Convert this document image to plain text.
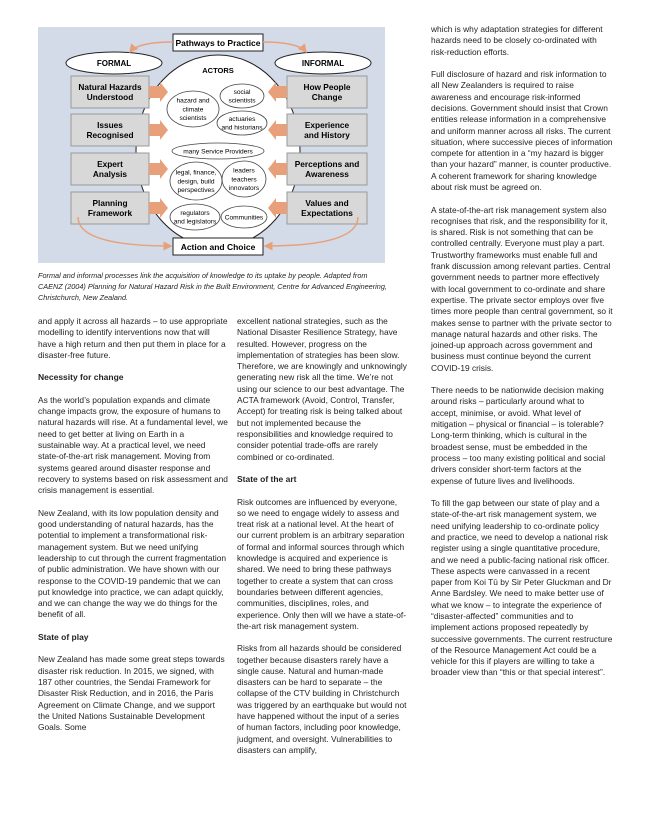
Pathways to Practice
FORMAL	INFORMAL
ACTORS
Natural Hazards Understood
Issues Recognised
Expert Analysis
Planning Framework
How People Change
Experience and History
Perceptions and Awareness
Values and Expectations
hazard and climate scientists
social scientists
actuaries and historians
many Service Providers
legal, finance, design, build perspectives
leaders teachers innovators
regulators and legislators
Communities
Action and Choice
Formal and informal processes link the acquisition of knowledge to its uptake by people. Adapted from CAENZ (2004) Planning for Natural Hazard Risk in the Built Environment, Centre for Advanced Engineering, Christchurch, New Zealand.

and apply it across all hazards – to use appropriate modelling to identify interventions now that will have a high return and then put them in place for a disaster-free future.

Necessity for change

As the world’s population expands and climate change impacts grow, the exposure of humans to natural hazards will rise. At a fundamental level, we need to get better at living on Earth in a sustainable way. At a practical level, we need state-of-the-art risk management. Moving from systems geared around disaster response and recovery to systems based on risk assessment and crisis management is essential.

New Zealand, with its low population density and good understanding of natural hazards, has the potential to implement a transformational risk-management system. But we need unifying leadership to cut through the current fragmentation of public administration. We have shown with our response to the COVID-19 pandemic that we can put knowledge into practice, we can adapt quickly, and we can change the way we do things for the benefit of all.

State of play

New Zealand has made some great steps towards disaster risk reduction. In 2015, we signed, with 187 other countries, the Sendai Framework for Disaster Risk Reduction, and in 2016, the Paris Agreement on Climate Change, and we support the United Nations Sustainable Development Goals. Some

excellent national strategies, such as the National Disaster Resilience Strategy, have resulted. However, progress on the implementation of strategies has been slow. Therefore, we are knowingly and unknowingly generating new risk all the time. We’re not using our science to our best advantage. The ACTA framework (Avoid, Control, Transfer, Accept) for treating risk is being talked about but not implemented because the responsibilities and knowledge required to consider potential trade-offs are rarely combined or co-ordinated.

State of the art

Risk outcomes are influenced by everyone, so we need to engage widely to assess and treat risk at a national level. At the heart of our current problem is an arbitrary separation of formal and informal sources through which knowledge is acquired and experience is shared. We need to bring these pathways together to create a system that can cross boundaries between different agencies, communities, disciplines, roles, and experience. Only then will we have a state-of-the-art risk management system.

Risks from all hazards should be considered together because disasters rarely have a single cause. Natural and human-made disasters can be hard to separate – the collapse of the CTV building in Christchurch was triggered by an earthquake but would not have happened without the input of a series of human factors, including poor knowledge, judgment, and oversight. Vulnerabilities to disasters can amplify,

which is why adaptation strategies for different hazards need to be closely co-ordinated with risk-reduction efforts.

Full disclosure of hazard and risk information to all New Zealanders is required to raise awareness and encourage risk-informed decisions. Government should insist that Crown entities release information in a comprehensive and uniform manner across all risks. The current situation, where successive pieces of information compete for attention in a “my hazard is bigger than your hazard” manner, is counter productive. A coherent framework for sharing knowledge about risk must be agreed on.

A state-of-the-art risk management system also recognises that risk, and the responsibility for it, is shared. Risk is not something that can be controlled centrally. Everyone must play a part. Trustworthy frameworks must enable full and frank discussion among relevant parties. Central government needs to partner more effectively with local government to co-ordinate and share expertise. The private sector employs over five times more people than central government, so it makes sense to partner with the private sector to manage natural hazards and other risks. The joined-up approach across government and business must continue beyond the current COVID-19 crisis.

There needs to be nationwide decision making around risks – particularly around what to accept, minimise, or avoid. What level of mitigation – physical or financial – is tolerable? Long-term thinking, which is cultural in the broadest sense, must be embedded in the process – too many existing political and social drivers consider short-term factors at the expense of future lives and livelihoods.

To fill the gap between our state of play and a state-of-the-art risk management system, we need unifying leadership to co-ordinate policy and practice, we need to develop a national risk register using a single quantitative procedure, and we need a public-facing national risk officer. These aspects were canvassed in a recent paper from Koi Tū by Sir Peter Gluckman and Dr Anne Bardsley. We need to make better use of what we know – to integrate the experience of “disaster-affected” communities and to implement actions proposed repeatedly by successive governments. The current restructure of the Resource Management Act could be a vehicle for this if players are willing to take a broader view than “this or that special interest”.
